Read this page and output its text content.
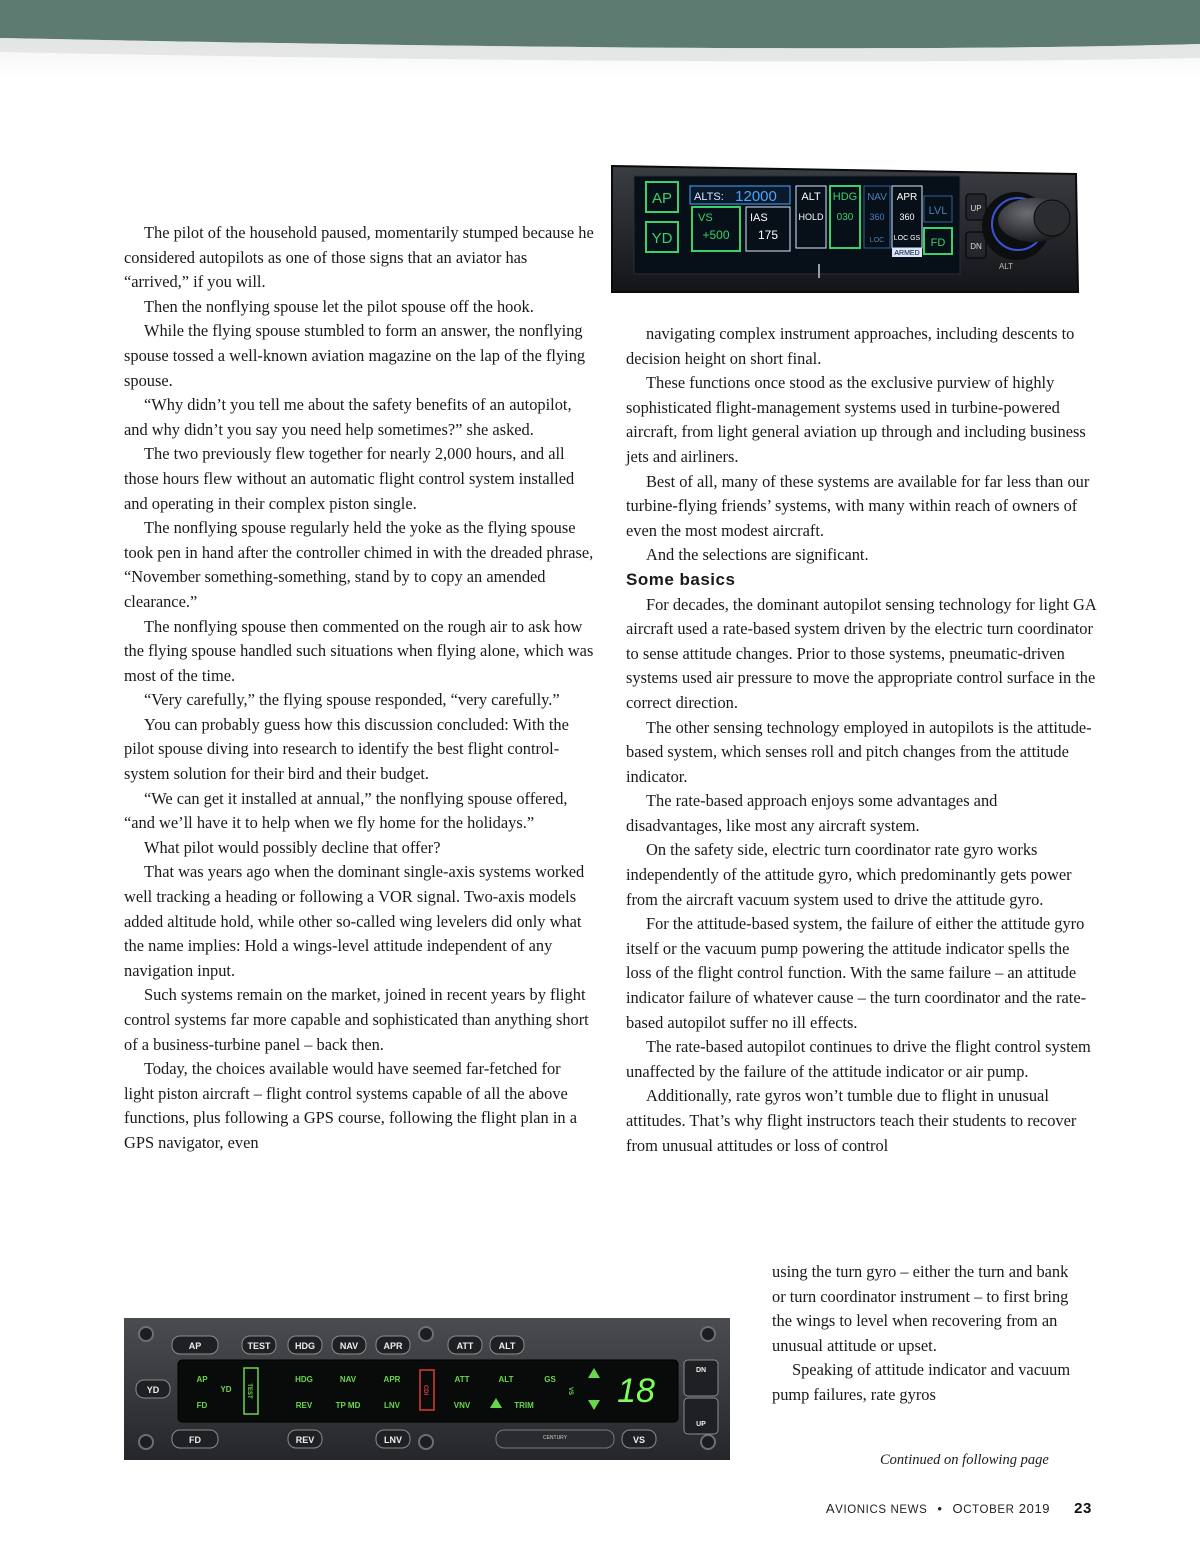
AP
YD
ALTS: 12000
VS
+500
IAS
175
ALT
HOLD
HDG
030
NAV
360
LOC
APR
360
LOC GS
ARMED
LVL
FD
UP
DN
ALT

The pilot of the household paused, momentarily stumped because he considered autopilots as one of those signs that an aviator has “arrived,” if you will.

Then the nonflying spouse let the pilot spouse off the hook.

While the flying spouse stumbled to form an answer, the nonflying spouse tossed a well-known aviation magazine on the lap of the flying spouse.

“Why didn’t you tell me about the safety benefits of an autopilot, and why didn’t you say you need help sometimes?” she asked.

The two previously flew together for nearly 2,000 hours, and all those hours flew without an automatic flight control system installed and operating in their complex piston single.

The nonflying spouse regularly held the yoke as the flying spouse took pen in hand after the controller chimed in with the dreaded phrase, “November something-something, stand by to copy an amended clearance.”

The nonflying spouse then commented on the rough air to ask how the flying spouse handled such situations when flying alone, which was most of the time.

“Very carefully,” the flying spouse responded, “very carefully.”

You can probably guess how this discussion concluded: With the pilot spouse diving into research to identify the best flight control-system solution for their bird and their budget.

“We can get it installed at annual,” the nonflying spouse offered, “and we’ll have it to help when we fly home for the holidays.”

What pilot would possibly decline that offer?

That was years ago when the dominant single-axis systems worked well tracking a heading or following a VOR signal. Two-axis models added altitude hold, while other so-called wing levelers did only what the name implies: Hold a wings-level attitude independent of any navigation input.

Such systems remain on the market, joined in recent years by flight control systems far more capable and sophisticated than anything short of a business-turbine panel – back then.

Today, the choices available would have seemed far-fetched for light piston aircraft – flight control systems capable of all the above functions, plus following a GPS course, following the flight plan in a GPS navigator, even

navigating complex instrument approaches, including descents to decision height on short final.

These functions once stood as the exclusive purview of highly sophisticated flight-management systems used in turbine-powered aircraft, from light general aviation up through and including business jets and airliners.

Best of all, many of these systems are available for far less than our turbine-flying friends’ systems, with many within reach of owners of even the most modest aircraft.

And the selections are significant.

Some basics

For decades, the dominant autopilot sensing technology for light GA aircraft used a rate-based system driven by the electric turn coordinator to sense attitude changes. Prior to those systems, pneumatic-driven systems used air pressure to move the appropriate control surface in the correct direction.

The other sensing technology employed in autopilots is the attitude-based system, which senses roll and pitch changes from the attitude indicator.

The rate-based approach enjoys some advantages and disadvantages, like most any aircraft system.

On the safety side, electric turn coordinator rate gyro works independently of the attitude gyro, which predominantly gets power from the aircraft vacuum system used to drive the attitude gyro.

For the attitude-based system, the failure of either the attitude gyro itself or the vacuum pump powering the attitude indicator spells the loss of the flight control function. With the same failure – an attitude indicator failure of whatever cause – the turn coordinator and the rate-based autopilot suffer no ill effects.

The rate-based autopilot continues to drive the flight control system unaffected by the failure of the attitude indicator or air pump.

Additionally, rate gyros won’t tumble due to flight in unusual attitudes. That’s why flight instructors teach their students to recover from unusual attitudes or loss of control

using the turn gyro – either the turn and bank or turn coordinator instrument – to first bring the wings to level when recovering from an unusual attitude or upset.

Speaking of attitude indicator and vacuum pump failures, rate gyros

AP	TEST	HDG	NAV	APR	ATT	ALT
FD	REV	LNV	VS
YD
DN
UP
CENTURY
AP
YD
FD
TEST
HDG	NAV	APR
REV	TP MD	LNV
CDI
ATT
VNV
ALT
TRIM
GS
VS 18
Continued on following page
AVIONICS NEWS • OCTOBER 2019 23
